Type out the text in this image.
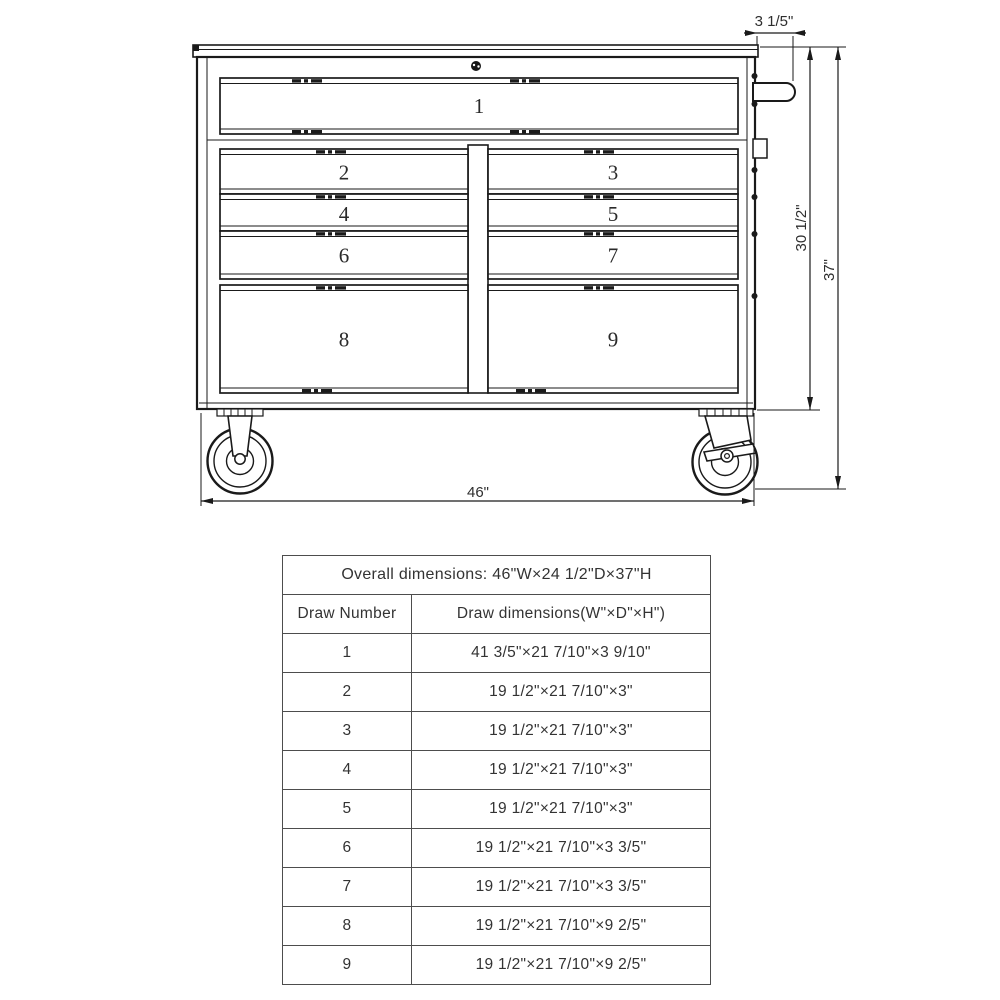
1
2	3
4	5
6	7
8	9
3 1/5"
30 1/2"
37"
46"
Overall dimensions: 46"W×24 1/2"D×37"H	
Draw Number	Draw dimensions(W"×D"×H")
1	41 3/5"×21 7/10"×3 9/10"
2	19 1/2"×21 7/10"×3"
3	19 1/2"×21 7/10"×3"
4	19 1/2"×21 7/10"×3"
5	19 1/2"×21 7/10"×3"
6	19 1/2"×21 7/10"×3 3/5"
7	19 1/2"×21 7/10"×3 3/5"
8	19 1/2"×21 7/10"×9 2/5"
9	19 1/2"×21 7/10"×9 2/5"
